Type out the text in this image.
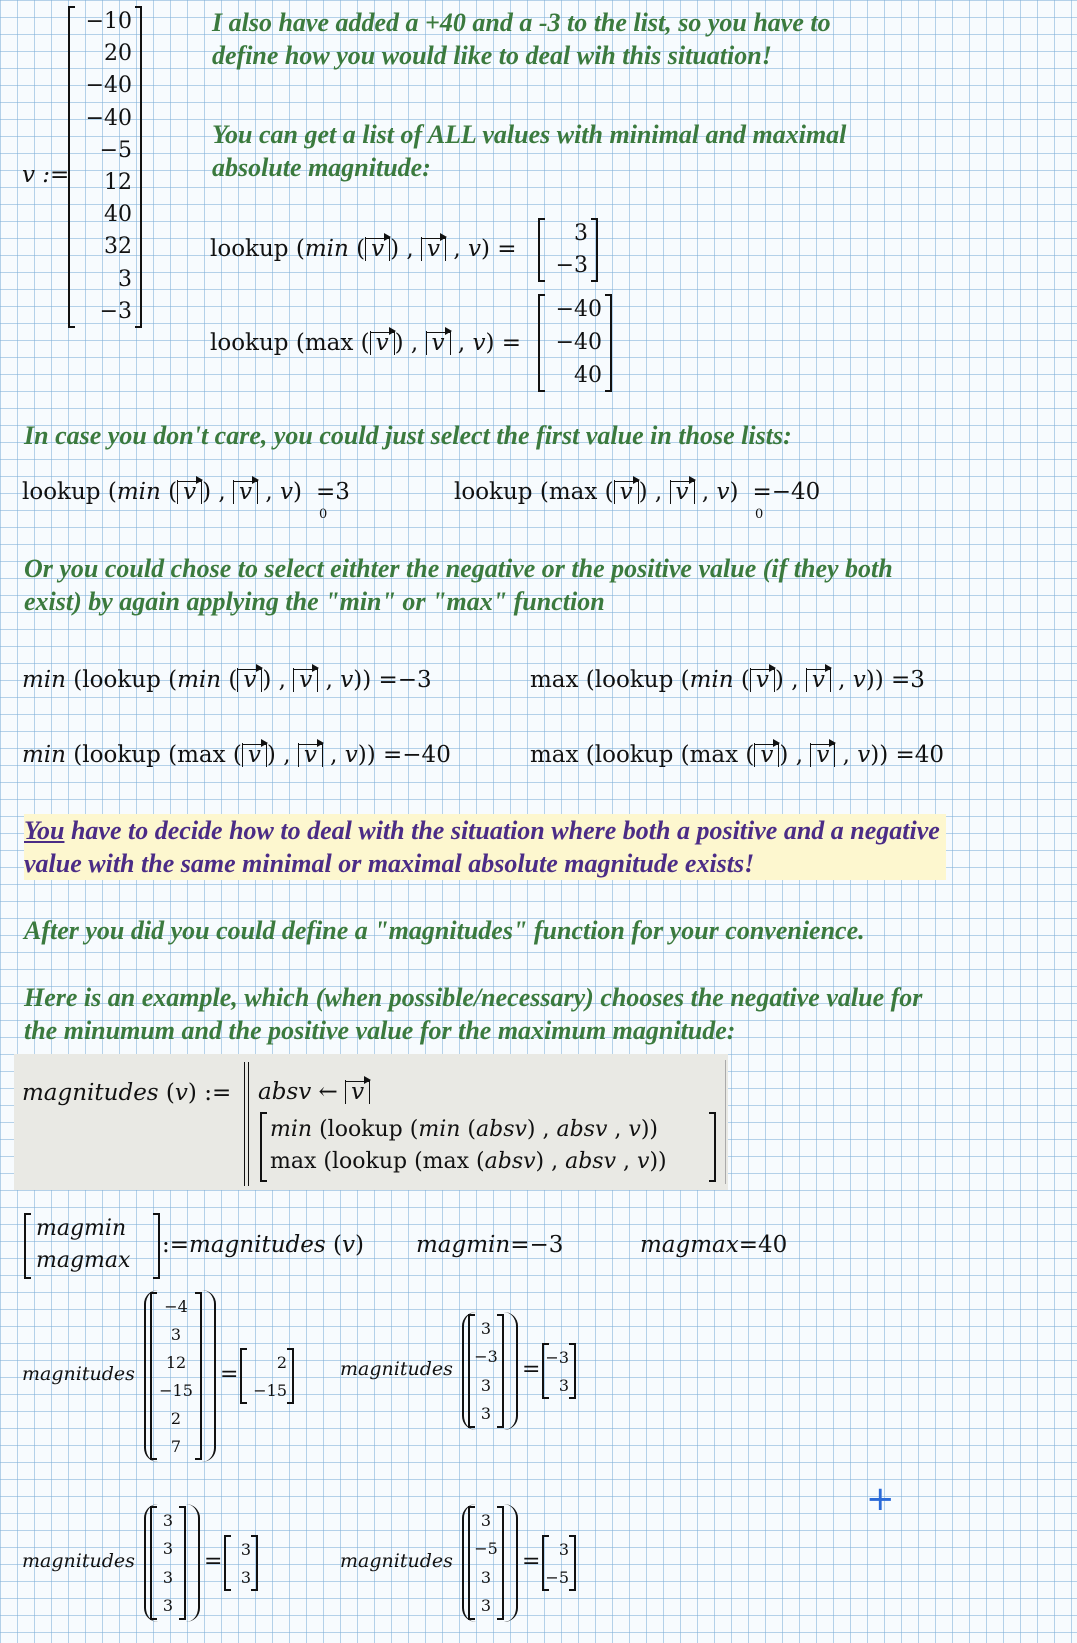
v :=
−10
20
−40
−40
−5
12
40
32
3
−3
I also have added a +40 and a -3 to the list, so you have to
define how you would like to deal wih this situation!
You can get a list of ALL values with minimal and maximal
absolute magnitude:
lookup (min ( v ) , v , v) =
3
−3
lookup (max ( v ) , v , v) =
−40
−40
40
In case you don't care, you could just select the first value in those lists:
lookup (min ( v ) , v , v) =3
0
lookup (max ( v ) , v , v) =−40
0
Or you could chose to select eithter the negative or the positive value (if they both
exist) by again applying the "min" or "max" function
min (lookup (min ( v ) , v , v)) =−3	max (lookup (min ( v ) , v , v)) =3
min (lookup (max ( v ) , v , v)) =−40	max (lookup (max ( v ) , v , v)) =40
You have to decide how to deal with the situation where both a positive and a negative
value with the same minimal or maximal absolute magnitude exists!
After you did you could define a "magnitudes" function for your convenience.
Here is an example, which (when possible/necessary) chooses the negative value for
the minumum and the positive value for the maximum magnitude:
magnitudes (v) := absv ← v
min (lookup (min (absv) , absv , v))
max (lookup (max (absv) , absv , v))
magmin
magmax
:=magnitudes (v) magmin=−3	magmax=40
magnitudes
−4
3
12
−15
2
7
= 2
−15
magnitudes
3
−3
3
3
= −3
3
magnitudes
3
3
3
3
= 3
3
magnitudes
3
−5
3
3
= 3
−5
+
